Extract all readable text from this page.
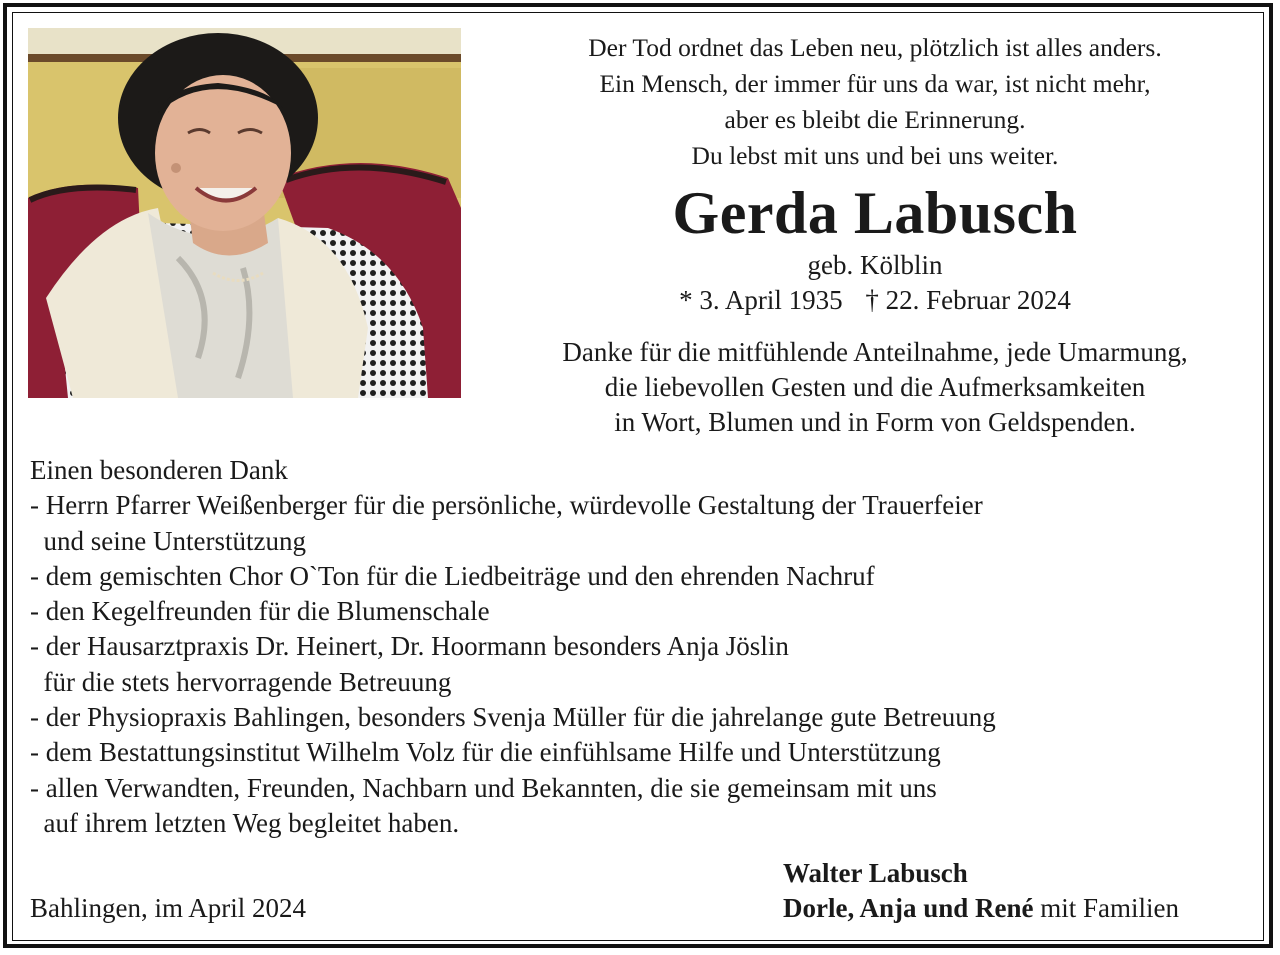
Der Tod ordnet das Leben neu, plötzlich ist alles anders.
Ein Mensch, der immer für uns da war, ist nicht mehr,
aber es bleibt die Erinnerung.
Du lebst mit uns und bei uns weiter.
Gerda Labusch
geb. Kölblin
* 3. April 1935 † 22. Februar 2024
Danke für die mitfühlende Anteilnahme, jede Umarmung,
die liebevollen Gesten und die Aufmerksamkeiten
in Wort, Blumen und in Form von Geldspenden.
Einen besonderen Dank
- Herrn Pfarrer Weißenberger für die persönliche, würdevolle Gestaltung der Trauerfeier
und seine Unterstützung
- dem gemischten Chor O`Ton für die Liedbeiträge und den ehrenden Nachruf
- den Kegelfreunden für die Blumenschale
- der Hausarztpraxis Dr. Heinert, Dr. Hoormann besonders Anja Jöslin
für die stets hervorragende Betreuung
- der Physiopraxis Bahlingen, besonders Svenja Müller für die jahrelange gute Betreuung
- dem Bestattungsinstitut Wilhelm Volz für die einfühlsame Hilfe und Unterstützung
- allen Verwandten, Freunden, Nachbarn und Bekannten, die sie gemeinsam mit uns
auf ihrem letzten Weg begleitet haben.
Bahlingen, im April 2024
Walter Labusch
Dorle, Anja und René mit Familien
